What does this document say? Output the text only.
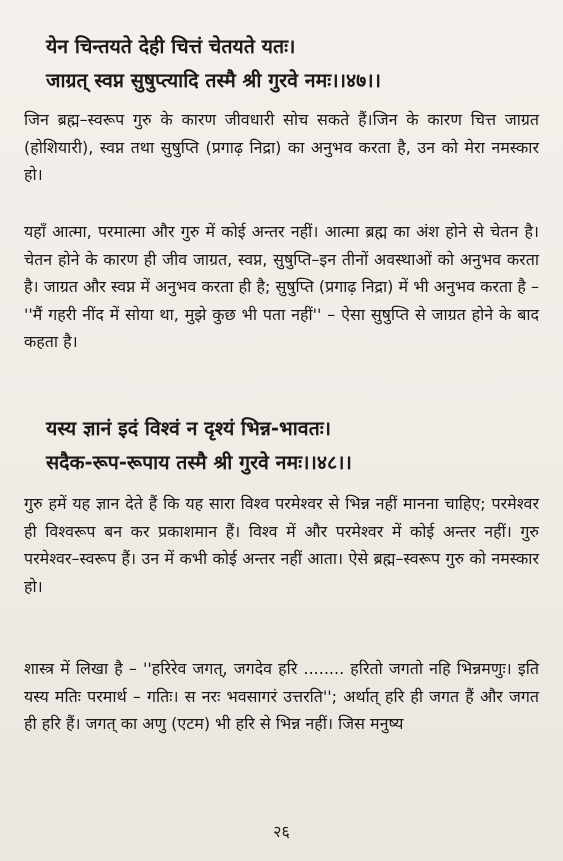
येन चिन्तयते देही चित्तं चेतयते यतः।
जाग्रत् स्वप्न सुषुप्त्यादि तस्मै श्री गुरवे नमः।।४७।।

जिन ब्रह्म–स्वरूप गुरु के कारण जीवधारी सोच सकते हैं।जिन के कारण चित्त जाग्रत (होशियारी), स्वप्न तथा सुषुप्ति (प्रगाढ़ निद्रा) का अनुभव करता है, उन को मेरा नमस्कार हो।

यहाँ आत्मा, परमात्मा और गुरु में कोई अन्तर नहीं। आत्मा ब्रह्म का अंश होने से चेतन है। चेतन होने के कारण ही जीव जाग्रत, स्वप्न, सुषुप्ति–इन तीनों अवस्थाओं को अनुभव करता है। जाग्रत और स्वप्न में अनुभव करता ही है; सुषुप्ति (प्रगाढ़ निद्रा) में भी अनुभव करता है – ''मैं गहरी नींद में सोया था, मुझे कुछ भी पता नहीं'' – ऐसा सुषुप्ति से जाग्रत होने के बाद कहता है।

यस्य ज्ञानं इदं विश्वं न दृश्यं भिन्न-भावतः।
सदैक-रूप-रूपाय तस्मै श्री गुरवे नमः।।४८।।

गुरु हमें यह ज्ञान देते हैं कि यह सारा विश्व परमेश्वर से भिन्न नहीं मानना चाहिए; परमेश्वर ही विश्वरूप बन कर प्रकाशमान हैं। विश्व में और परमेश्वर में कोई अन्तर नहीं। गुरु परमेश्वर–स्वरूप हैं। उन में कभी कोई अन्तर नहीं आता। ऐसे ब्रह्म–स्वरूप गुरु को नमस्कार हो।

शास्त्र में लिखा है – ''हरिरेव जगत्, जगदेव हरि ........ हरितो जगतो नहि भिन्नमणुः। इति यस्य मतिः परमार्थ – गतिः। स नरः भवसागरं उत्तरति''; अर्थात् हरि ही जगत हैं और जगत ही हरि हैं। जगत् का अणु (एटम) भी हरि से भिन्न नहीं। जिस मनुष्य

२६
